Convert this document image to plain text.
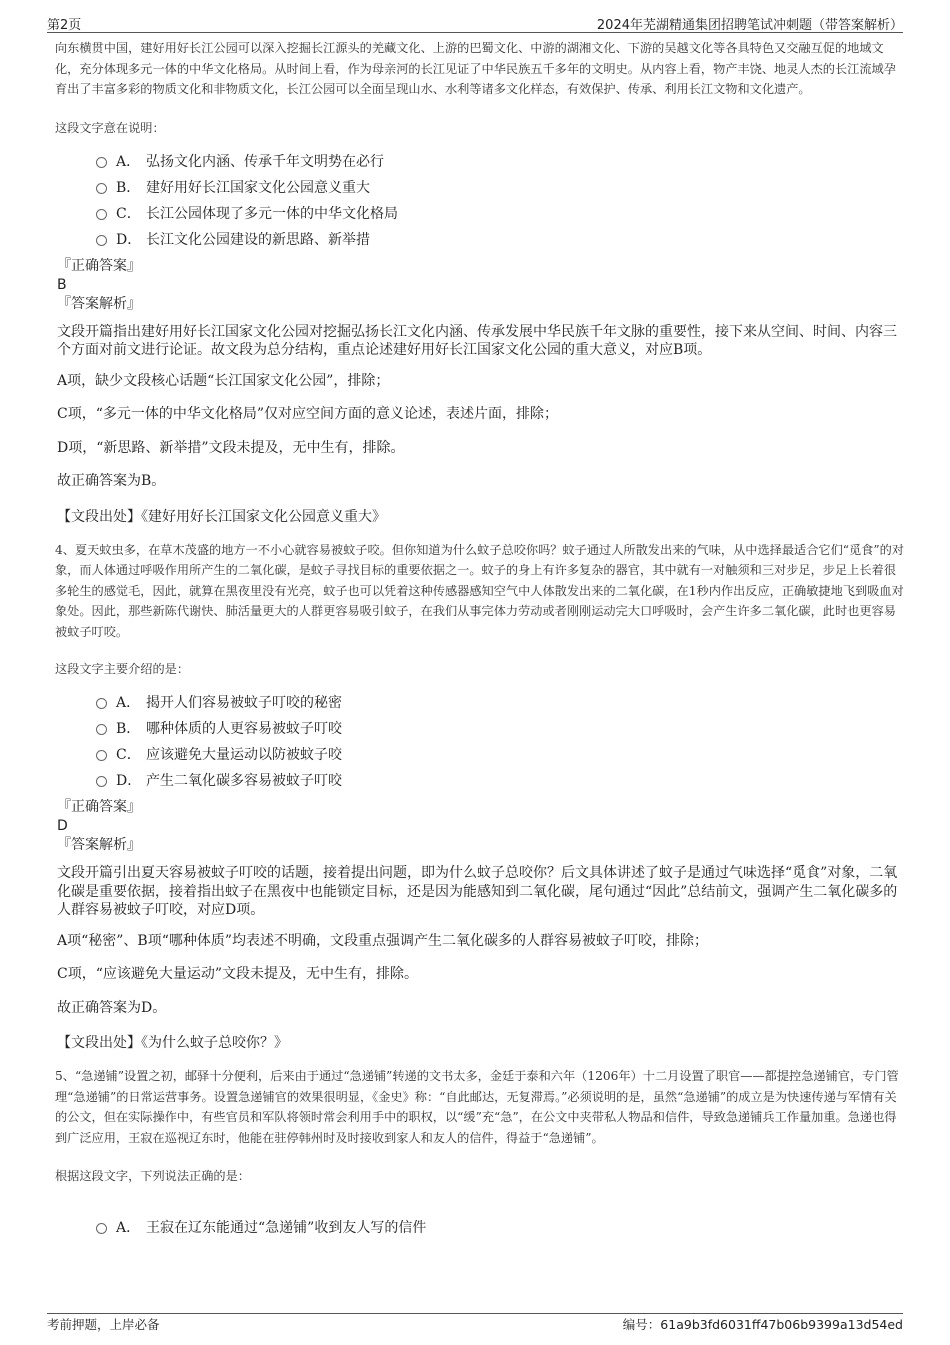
第2页	2024年芜湖精通集团招聘笔试冲刺题（带答案解析）

向东横贯中国，建好用好长江公园可以深入挖掘长江源头的羌藏文化、上游的巴蜀文化、中游的湖湘文化、下游的吴越文化等各具特色又交融互促的地域文化，充分体现多元一体的中华文化格局。从时间上看，作为母亲河的长江见证了中华民族五千多年的文明史。从内容上看，物产丰饶、地灵人杰的长江流域孕育出了丰富多彩的物质文化和非物质文化，长江公园可以全面呈现山水、水利等诸多文化样态，有效保护、传承、利用长江文物和文化遗产。

这段文字意在说明：

A． 弘扬文化内涵、传承千年文明势在必行
B． 建好用好长江国家文化公园意义重大
C． 长江公园体现了多元一体的中华文化格局
D． 长江文化公园建设的新思路、新举措

『正确答案』

B

『答案解析』

文段开篇指出建好用好长江国家文化公园对挖掘弘扬长江文化内涵、传承发展中华民族千年文脉的重要性，接下来从空间、时间、内容三个方面对前文进行论证。故文段为总分结构，重点论述建好用好长江国家文化公园的重大意义，对应B项。

A项，缺少文段核心话题“长江国家文化公园”，排除；

C项，“多元一体的中华文化格局”仅对应空间方面的意义论述，表述片面，排除；

D项，“新思路、新举措”文段未提及，无中生有，排除。

故正确答案为B。

【文段出处】《建好用好长江国家文化公园意义重大》

4、夏天蚊虫多，在草木茂盛的地方一不小心就容易被蚊子咬。但你知道为什么蚊子总咬你吗？蚊子通过人所散发出来的气味，从中选择最适合它们“觅食”的对象，而人体通过呼吸作用所产生的二氧化碳，是蚊子寻找目标的重要依据之一。蚊子的身上有许多复杂的器官，其中就有一对触须和三对步足，步足上长着很多轮生的感觉毛，因此，就算在黑夜里没有光亮，蚊子也可以凭着这种传感器感知空气中人体散发出来的二氧化碳，在1秒内作出反应，正确敏捷地飞到吸血对象处。因此，那些新陈代谢快、肺活量更大的人群更容易吸引蚊子，在我们从事完体力劳动或者刚刚运动完大口呼吸时，会产生许多二氧化碳，此时也更容易被蚊子叮咬。

这段文字主要介绍的是：

A． 揭开人们容易被蚊子叮咬的秘密
B． 哪种体质的人更容易被蚊子叮咬
C． 应该避免大量运动以防被蚊子咬
D． 产生二氧化碳多容易被蚊子叮咬

『正确答案』

D

『答案解析』

文段开篇引出夏天容易被蚊子叮咬的话题，接着提出问题，即为什么蚊子总咬你？后文具体讲述了蚊子是通过气味选择“觅食”对象，二氧化碳是重要依据，接着指出蚊子在黑夜中也能锁定目标，还是因为能感知到二氧化碳，尾句通过“因此”总结前文，强调产生二氧化碳多的人群容易被蚊子叮咬，对应D项。

A项“秘密”、B项“哪种体质”均表述不明确，文段重点强调产生二氧化碳多的人群容易被蚊子叮咬，排除；

C项，“应该避免大量运动”文段未提及，无中生有，排除。

故正确答案为D。

【文段出处】《为什么蚊子总咬你？》

5、“急递铺”设置之初，邮驿十分便利，后来由于通过“急递铺”转递的文书太多，金廷于泰和六年（1206年）十二月设置了职官——都提控急递铺官，专门管理“急递铺”的日常运营事务。设置急递铺官的效果很明显，《金史》称：“自此邮达，无复滞焉。”必须说明的是，虽然“急递铺”的成立是为快速传递与军情有关的公文，但在实际操作中，有些官员和军队将领时常会利用手中的职权，以“缓”充“急”，在公文中夹带私人物品和信件，导致急递铺兵工作量加重。急递也得到广泛应用，王寂在巡视辽东时，他能在驻停韩州时及时接收到家人和友人的信件，得益于“急递铺”。

根据这段文字，下列说法正确的是：

A． 王寂在辽东能通过“急递铺”收到友人写的信件
考前押题，上岸必备	编号：61a9b3fd6031ff47b06b9399a13d54ed
